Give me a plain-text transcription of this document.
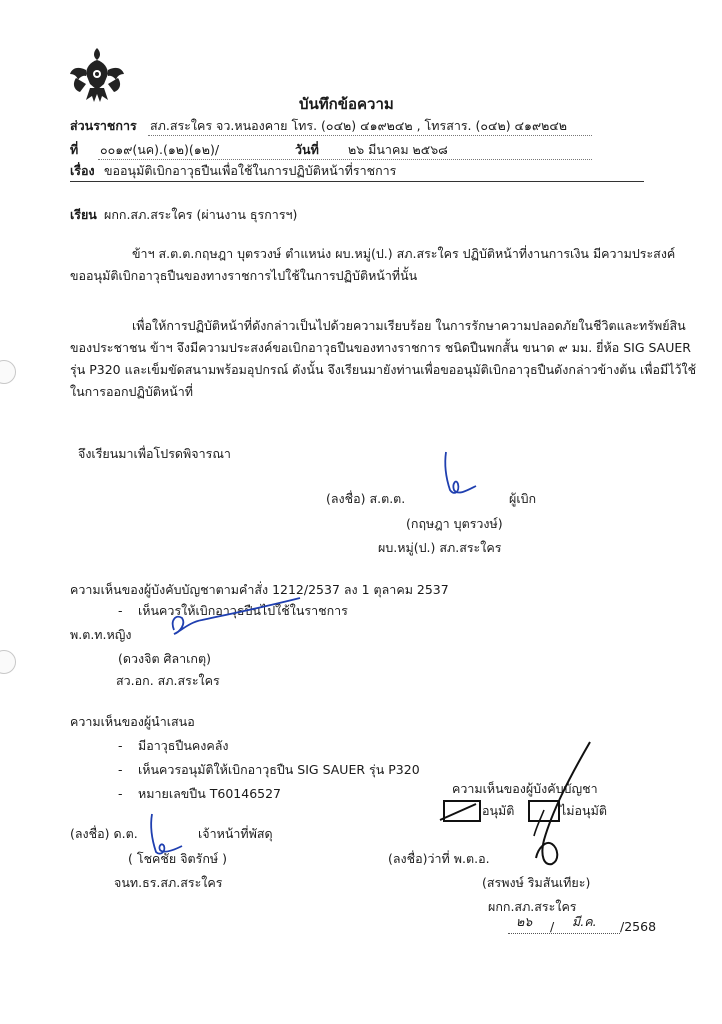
บันทึกข้อความ
ส่วนราชการ สภ.สระใคร จว.หนองคาย โทร. (๐๔๒) ๔๑๙๒๔๒ , โทรสาร. (๐๔๒) ๔๑๙๒๔๒
ที่ ๐๐๑๙(นค).(๑๒)(๑๒)/	วันที่ ๒๖ มีนาคม ๒๕๖๘
เรื่อง ขออนุมัติเบิกอาวุธปืนเพื่อใช้ในการปฏิบัติหน้าที่ราชการ
เรียน ผกก.สภ.สระใคร (ผ่านงาน ธุรการฯ)
ข้าฯ ส.ต.ต.กฤษฎา บุตรวงษ์ ตำแหน่ง ผบ.หมู่(ป.) สภ.สระใคร ปฏิบัติหน้าที่งานการเงิน มีความประสงค์
ขออนุมัติเบิกอาวุธปืนของทางราชการไปใช้ในการปฏิบัติหน้าที่นั้น
เพื่อให้การปฏิบัติหน้าที่ดังกล่าวเป็นไปด้วยความเรียบร้อย ในการรักษาความปลอดภัยในชีวิตและทรัพย์สิน
ของประชาชน ข้าฯ จึงมีความประสงค์ขอเบิกอาวุธปืนของทางราชการ ชนิดปืนพกสั้น ขนาด ๙ มม. ยี่ห้อ SIG SAUER
รุ่น P320 และเข็มขัดสนามพร้อมอุปกรณ์ ดังนั้น จึงเรียนมายังท่านเพื่อขออนุมัติเบิกอาวุธปืนดังกล่าวข้างต้น เพื่อมีไว้ใช้
ในการออกปฏิบัติหน้าที่
จึงเรียนมาเพื่อโปรดพิจารณา
(ลงชื่อ) ส.ต.ต.	ผู้เบิก
(กฤษฎา บุตรวงษ์)
ผบ.หมู่(ป.) สภ.สระใคร
ความเห็นของผู้บังคับบัญชาตามคำสั่ง 1212/2537 ลง 1 ตุลาคม 2537
- เห็นควรให้เบิกอาวุธปืนไปใช้ในราชการ
พ.ต.ท.หญิง
(ดวงจิต ศิลาเกตุ)
สว.อก. สภ.สระใคร
ความเห็นของผู้นำเสนอ
- มีอาวุธปืนคงคลัง
- เห็นควรอนุมัติให้เบิกอาวุธปืน SIG SAUER รุ่น P320
- หมายเลขปืน T60146527
(ลงชื่อ) ด.ต.	เจ้าหน้าที่พัสดุ
( โชคชัย จิตรักษ์ )
จนท.ธร.สภ.สระใคร
ความเห็นของผู้บังคับบัญชา
อนุมัติ	ไม่อนุมัติ
(ลงชื่อ)ว่าที่ พ.ต.อ.
(สรพงษ์ ริมสันเทียะ)
ผกก.สภ.สระใคร
๒๖ / มี.ค. /2568
